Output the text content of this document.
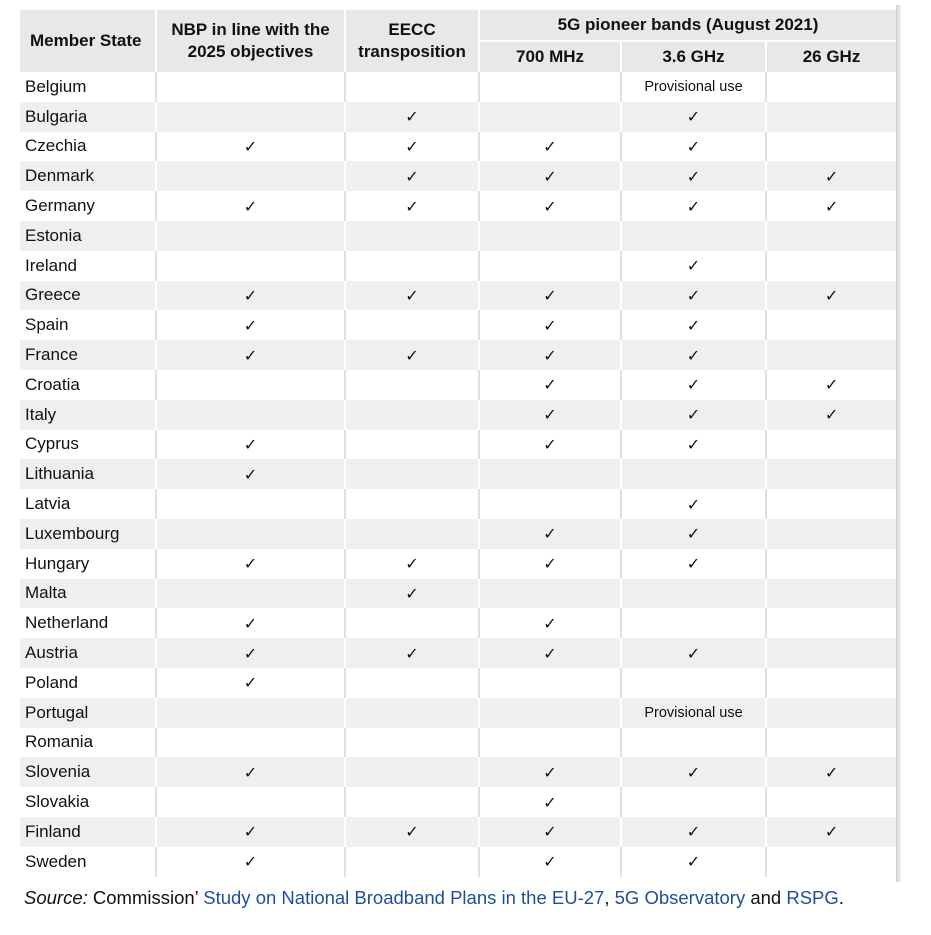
Member State	NBP in line with the 2025 objectives	EECC transposition	5G pioneer bands (August 2021)		
			700 MHz	3.6 GHz	26 GHz
Belgium				Provisional use	
Bulgaria		✓		✓	
Czechia	✓	✓	✓	✓	
Denmark		✓	✓	✓	✓
Germany	✓	✓	✓	✓	✓
Estonia					
Ireland				✓	
Greece	✓	✓	✓	✓	✓
Spain	✓		✓	✓	
France	✓	✓	✓	✓	
Croatia			✓	✓	✓
Italy			✓	✓	✓
Cyprus	✓		✓	✓	
Lithuania	✓				
Latvia				✓	
Luxembourg			✓	✓	
Hungary	✓	✓	✓	✓	
Malta		✓			
Netherland	✓		✓		
Austria	✓	✓	✓	✓	
Poland	✓				
Portugal				Provisional use	
Romania					
Slovenia	✓		✓	✓	✓
Slovakia			✓		
Finland	✓	✓	✓	✓	✓
Sweden	✓		✓	✓	
Source: Commission’ Study on National Broadband Plans in the EU-27, 5G Observatory and RSPG.
